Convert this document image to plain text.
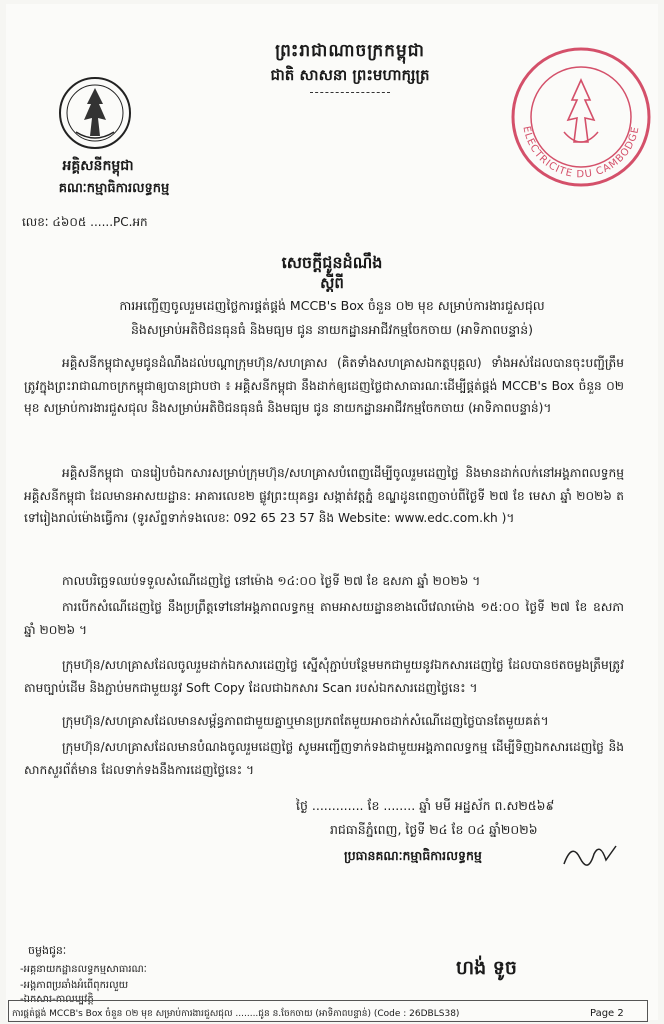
ព្រះរាជាណាចក្រកម្ពុជា
ជាតិ សាសនា ព្រះមហាក្សត្រ
អគ្គិសនីកម្ពុជា
គណៈកម្មាធិការលទ្ធកម្ម
លេខៈ ៤៦០៥ ......PC.អក
ELECTRICITE DU CAMBODGE
សេចក្តីជូនដំណឹង
ស្តីពី
ការអញ្ជើញចូលរួមដេញថ្លៃការផ្គត់ផ្គង់ MCCB's Box ចំនួន ០២ មុខ សម្រាប់ការងារជួសជុល
និងសម្រាប់អតិថិជនធុនធំ និងមធ្យម ជូន នាយកដ្ឋានអាជីវកម្មចែកចាយ (អាទិភាពបន្ទាន់)
អគ្គិសនីកម្ពុជាសូមជូនដំណឹងដល់បណ្តាក្រុមហ៊ុន/សហគ្រាស (គិតទាំងសហគ្រាសឯកត្តបុគ្គល) ទាំងអស់ដែលបានចុះបញ្ជីត្រឹមត្រូវក្នុងព្រះរាជាណាចក្រកម្ពុជាឲ្យបានជ្រាបថា ៖ អគ្គិសនីកម្ពុជា នឹងដាក់ឲ្យដេញថ្លៃជាសាធារណៈដើម្បីផ្គត់ផ្គង់ MCCB's Box ចំនួន ០២ មុខ សម្រាប់ការងារជួសជុល និងសម្រាប់អតិថិជនធុនធំ និងមធ្យម ជូន នាយកដ្ឋានអាជីវកម្មចែកចាយ (អាទិភាពបន្ទាន់)។
អគ្គិសនីកម្ពុជា បានរៀបចំឯកសារសម្រាប់ក្រុមហ៊ុន/សហគ្រាសបំពេញដើម្បីចូលរួមដេញថ្លៃ និងមានដាក់លក់នៅអង្គភាពលទ្ធកម្មអគ្គិសនីកម្ពុជា ដែលមានអាសយដ្ឋាន: អាគារលេខ២ ផ្លូវព្រះយុគន្ធរ សង្កាត់វត្តភ្នំ ខណ្ឌដូនពេញចាប់ពីថ្ងៃទី ២៧ ខែ មេសា ឆ្នាំ ២០២៦ តទៅរៀងរាល់ម៉ោងធ្វើការ (ទូរស័ព្ទទាក់ទងលេខៈ 092 65 23 57 និង Website: www.edc.com.kh )។
កាលបរិច្ឆេទឈប់ទទួលសំណើដេញថ្លៃ នៅម៉ោង ១៤:០០ ថ្ងៃទី ២៧ ខែ ឧសភា ឆ្នាំ ២០២៦ ។
ការបើកសំណើដេញថ្លៃ នឹងប្រព្រឹត្តទៅនៅអង្គភាពលទ្ធកម្ម តាមអាសយដ្ឋានខាងលើវេលាម៉ោង ១៥:០០ ថ្ងៃទី ២៧ ខែ ឧសភា ឆ្នាំ ២០២៦ ។
ក្រុមហ៊ុន/សហគ្រាសដែលចូលរួមដាក់ឯកសារដេញថ្លៃ ស្នើសុំភ្ជាប់បន្ថែមមកជាមួយនូវឯកសារដេញថ្លៃ ដែលបានថតចម្លងត្រឹមត្រូវតាមច្បាប់ដើម និងភ្ជាប់មកជាមួយនូវ Soft Copy ដែលជាឯកសារ Scan របស់ឯកសារដេញថ្លៃនេះ ។
ក្រុមហ៊ុន/សហគ្រាសដែលមានសម្ព័ន្ធភាពជាមួយគ្នាឬមានប្រភពតែមួយអាចដាក់សំណើដេញថ្លៃបានតែមួយគត់។
ក្រុមហ៊ុន/សហគ្រាសដែលមានបំណងចូលរួមដេញថ្លៃ សូមអញ្ជើញទាក់ទងជាមួយអង្គភាពលទ្ធកម្ម ដើម្បីទិញឯកសារដេញថ្លៃ និងសាកសួរព័ត៌មាន ដែលទាក់ទងនឹងការដេញថ្លៃនេះ ។
ថ្ងៃ ............. ខែ ........ ឆ្នាំ មមី អដ្ឋស័ក ព.ស២៥៦៩
រាជធានីភ្នំពេញ, ថ្ងៃទី ២៤ ខែ ០៤ ឆ្នាំ២០២៦
ប្រធានគណៈកម្មាធិការលទ្ធកម្ម
ចម្លងជូនៈ
-អគ្គនាយកដ្ឋានលទ្ធកម្មសាធារណៈ
-អង្គភាពប្រឆាំងអំពើពុករលួយ
-ឯកសារ-កាលប្បវត្តិ
ហង់ ទូច
ការផ្គត់ផ្គង់ MCCB's Box ចំនួន ០២ មុខ សម្រាប់ការងារជួសជុល ........ជូន ន.ចែកចាយ (អាទិភាពបន្ទាន់) (Code : 26DBLS38)	Page 2
